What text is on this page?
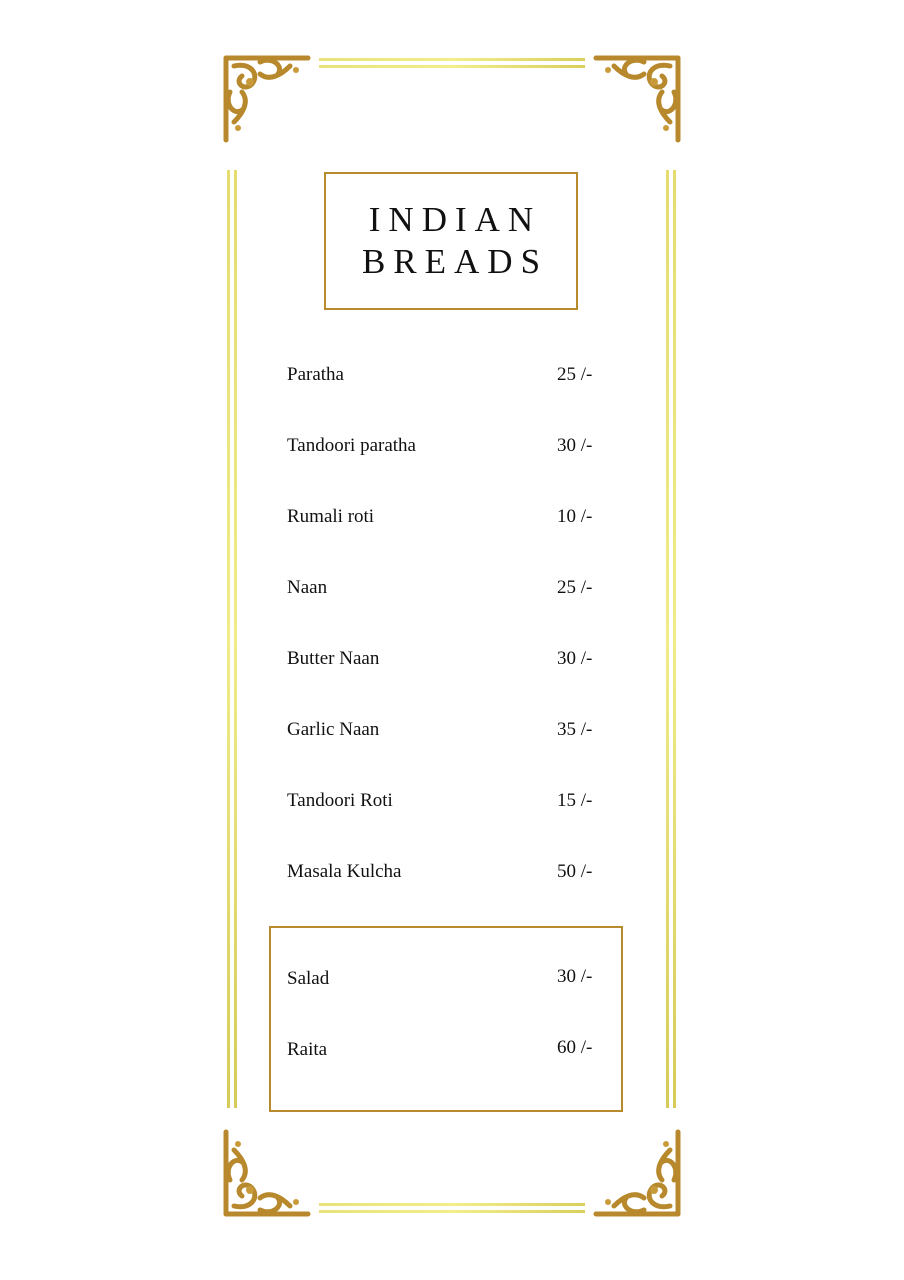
INDIAN
BREADS
Paratha	25 /-
Tandoori paratha	30 /-
Rumali roti	10 /-
Naan	25 /-
Butter Naan	30 /-
Garlic Naan	35 /-
Tandoori Roti	15 /-
Masala Kulcha	50 /-
Salad	30 /-
Raita	60 /-
